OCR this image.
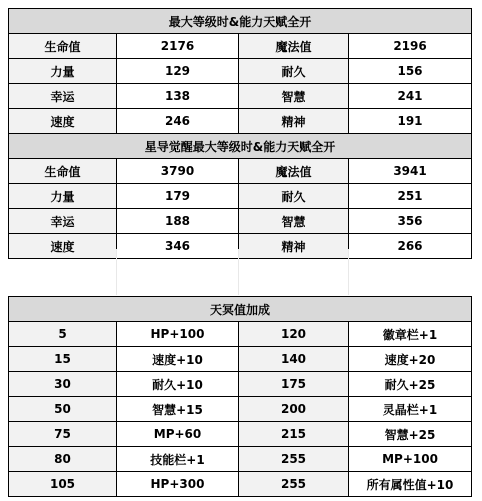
最大等级时&能力天赋全开			
生命值	2176	魔法值	2196
力量	129	耐久	156
幸运	138	智慧	241
速度	246	精神	191
星导觉醒最大等级时&能力天赋全开			
生命值	3790	魔法值	3941
力量	179	耐久	251
幸运	188	智慧	356
速度	346	精神	266
天冥值加成			
5	HP+100	120	徽章栏+1
15	速度+10	140	速度+20
30	耐久+10	175	耐久+25
50	智慧+15	200	灵晶栏+1
75	MP+60	215	智慧+25
80	技能栏+1	255	MP+100
105	HP+300	255	所有属性值+10
